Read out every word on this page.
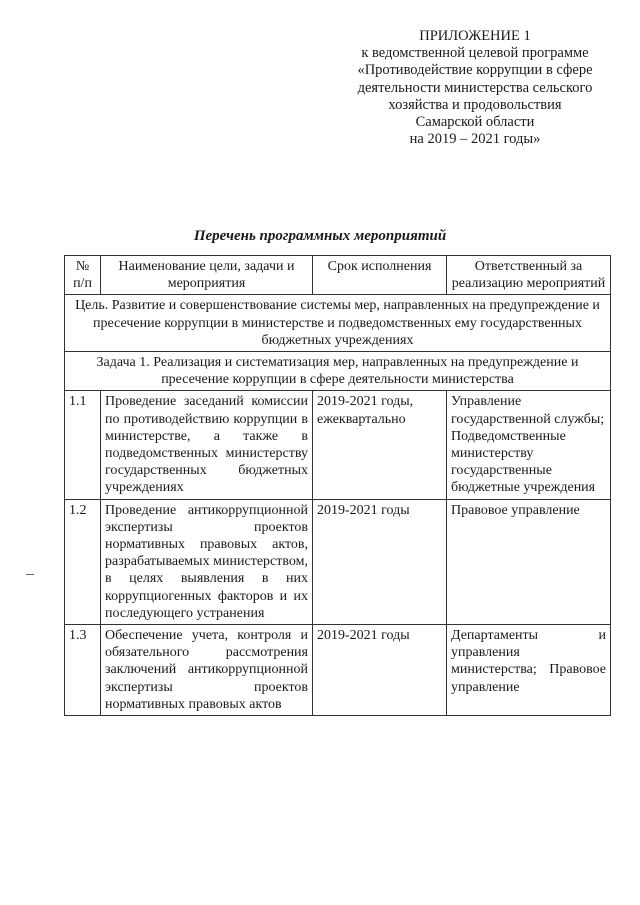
ПРИЛОЖЕНИЕ 1
к ведомственной целевой программе
«Противодействие коррупции в сфере
деятельности министерства сельского
хозяйства и продовольствия
Самарской области
на 2019 – 2021 годы»
Перечень программных мероприятий
№ п/п	Наименование цели, задачи и мероприятия	Срок исполнения	Ответственный за реализацию мероприятий
Цель. Развитие и совершенствование системы мер, направленных на предупреждение и пресечение коррупции в министерстве и подведомственных ему государственных бюджетных учреждениях			
Задача 1. Реализация и систематизация мер, направленных на предупреждение и пресечение коррупции в сфере деятельности министерства			
1.1	Проведение заседаний комиссии по противодействию коррупции в министерстве, а также в подведомственных министерству государственных бюджетных учреждениях	2019-2021 годы, ежеквартально	Управление государственной службы; Подведомственные министерству государственные бюджетные учреждения
1.2	Проведение антикоррупционной экспертизы проектов нормативных правовых актов, разрабатываемых министерством, в целях выявления в них коррупциогенных факторов и их последующего устранения	2019-2021 годы	Правовое управление
1.3	Обеспечение учета, контроля и обязательного рассмотрения заключений антикоррупционной экспертизы проектов нормативных правовых актов	2019-2021 годы	Департаменты и управления министерства; Правовое управление
